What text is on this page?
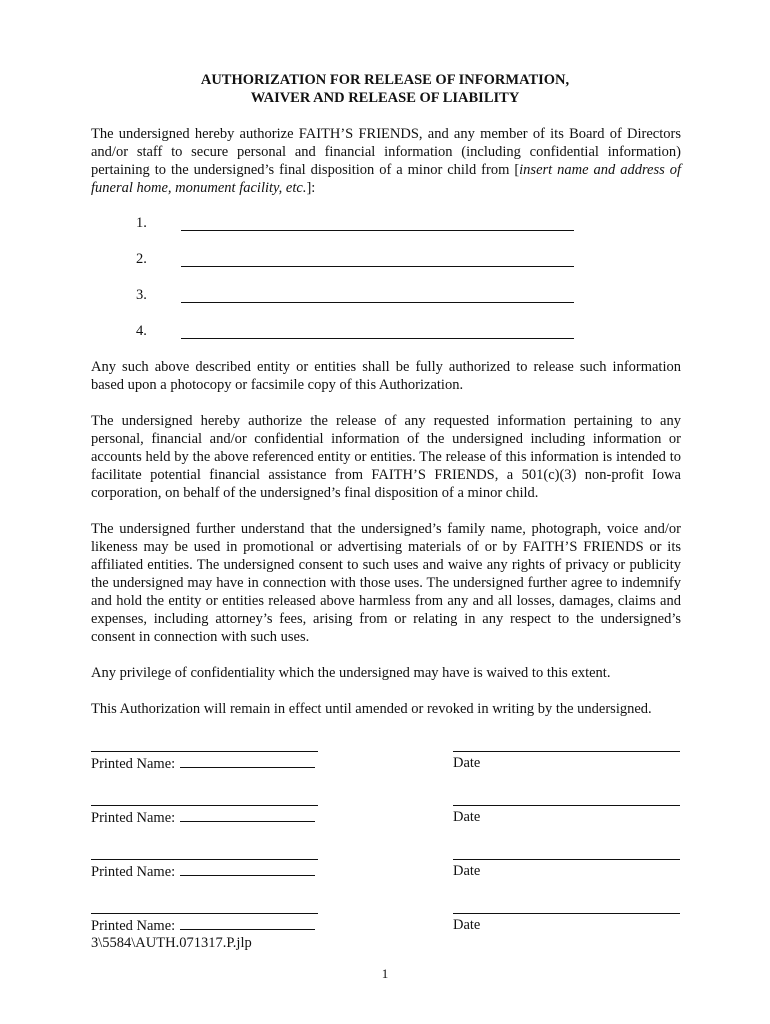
AUTHORIZATION FOR RELEASE OF INFORMATION,
WAIVER AND RELEASE OF LIABILITY
The undersigned hereby authorize FAITH’S FRIENDS, and any member of its Board of Directors and/or staff to secure personal and financial information (including confidential information) pertaining to the undersigned’s final disposition of a minor child from [insert name and address of funeral home, monument facility, etc.]:
1.
2.
3.
4.
Any such above described entity or entities shall be fully authorized to release such information based upon a photocopy or facsimile copy of this Authorization.
The undersigned hereby authorize the release of any requested information pertaining to any personal, financial and/or confidential information of the undersigned including information or accounts held by the above referenced entity or entities. The release of this information is intended to facilitate potential financial assistance from FAITH’S FRIENDS, a 501(c)(3) non-profit Iowa corporation, on behalf of the undersigned’s final disposition of a minor child.
The undersigned further understand that the undersigned’s family name, photograph, voice and/or likeness may be used in promotional or advertising materials of or by FAITH’S FRIENDS or its affiliated entities. The undersigned consent to such uses and waive any rights of privacy or publicity the undersigned may have in connection with those uses. The undersigned further agree to indemnify and hold the entity or entities released above harmless from any and all losses, damages, claims and expenses, including attorney’s fees, arising from or relating in any respect to the undersigned’s consent in connection with such uses.
Any privilege of confidentiality which the undersigned may have is waived to this extent.
This Authorization will remain in effect until amended or revoked in writing by the undersigned.
Printed Name:	Date
Printed Name:	Date
Printed Name:	Date
Printed Name:	Date
3\5584\AUTH.071317.P.jlp
1
